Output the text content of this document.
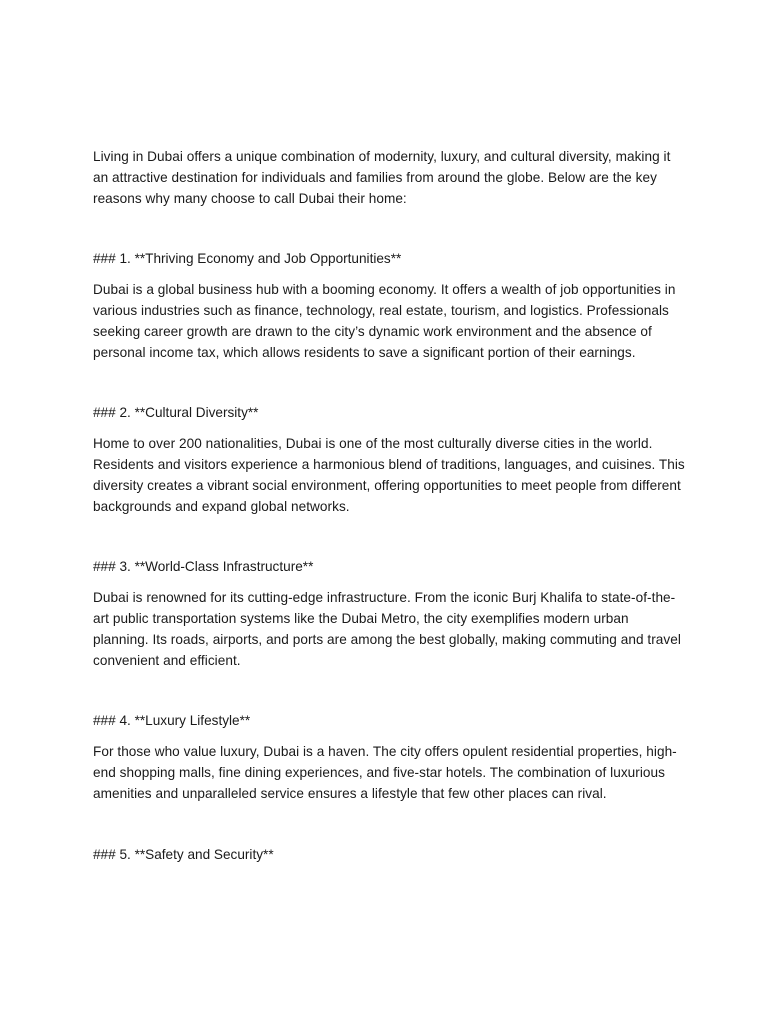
Living in Dubai offers a unique combination of modernity, luxury, and cultural diversity, making it an attractive destination for individuals and families from around the globe. Below are the key reasons why many choose to call Dubai their home:

### 1. **Thriving Economy and Job Opportunities**

Dubai is a global business hub with a booming economy. It offers a wealth of job opportunities in various industries such as finance, technology, real estate, tourism, and logistics. Professionals seeking career growth are drawn to the city’s dynamic work environment and the absence of personal income tax, which allows residents to save a significant portion of their earnings.

### 2. **Cultural Diversity**

Home to over 200 nationalities, Dubai is one of the most culturally diverse cities in the world. Residents and visitors experience a harmonious blend of traditions, languages, and cuisines. This diversity creates a vibrant social environment, offering opportunities to meet people from different backgrounds and expand global networks.

### 3. **World-Class Infrastructure**

Dubai is renowned for its cutting-edge infrastructure. From the iconic Burj Khalifa to state-of-the-art public transportation systems like the Dubai Metro, the city exemplifies modern urban planning. Its roads, airports, and ports are among the best globally, making commuting and travel convenient and efficient.

### 4. **Luxury Lifestyle**

For those who value luxury, Dubai is a haven. The city offers opulent residential properties, high-end shopping malls, fine dining experiences, and five-star hotels. The combination of luxurious amenities and unparalleled service ensures a lifestyle that few other places can rival.

### 5. **Safety and Security**
